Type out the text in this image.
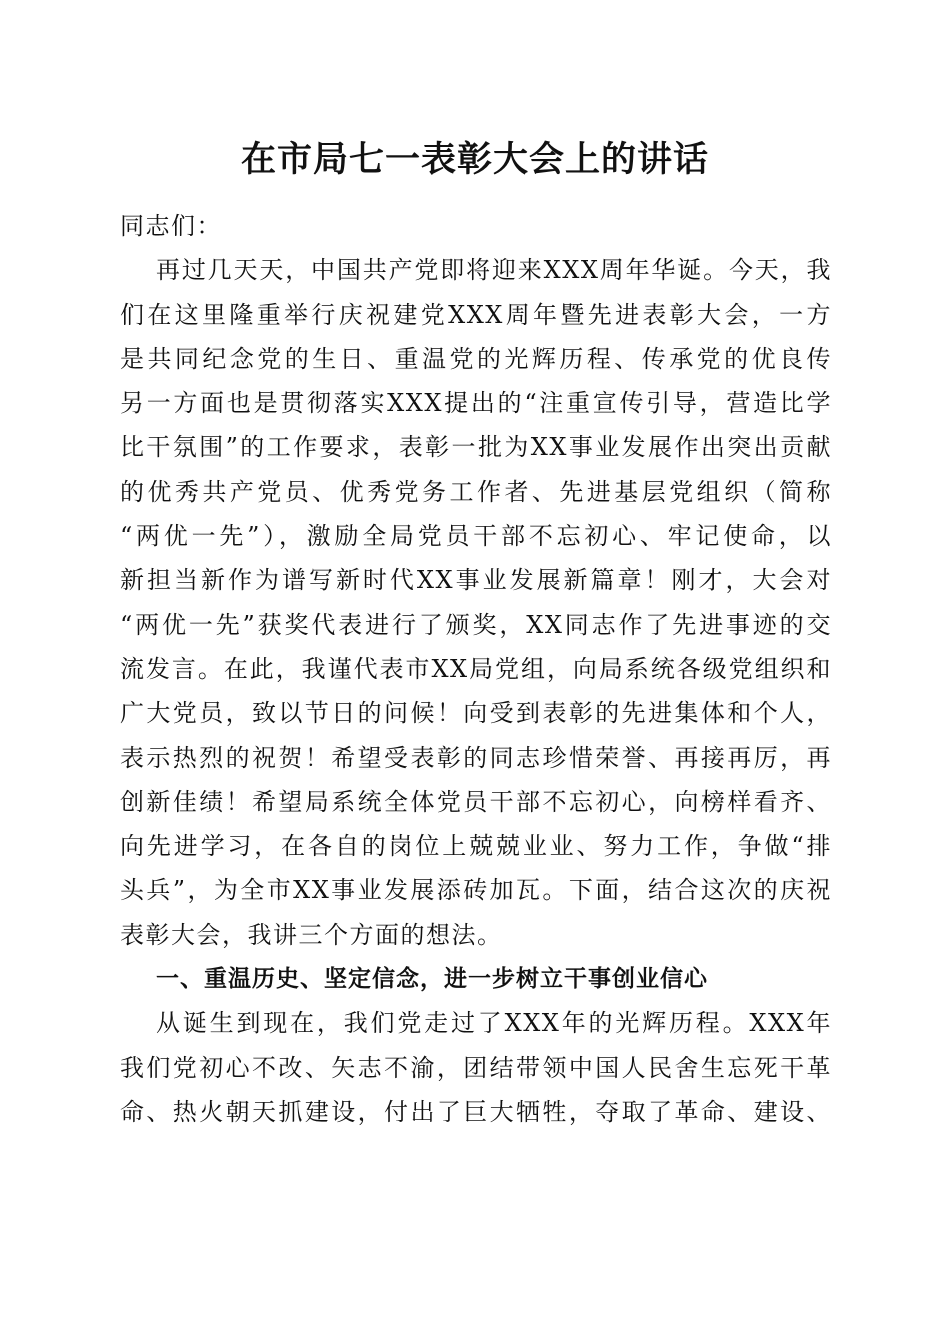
在市局七一表彰大会上的讲话
同志们：
再过几天天，中国共产党即将迎来XXX周年华诞。今天，我
们在这里隆重举行庆祝建党XXX周年暨先进表彰大会，一方
是共同纪念党的生日、重温党的光辉历程、传承党的优良传
另一方面也是贯彻落实XXX提出的“注重宣传引导，营造比学
比干氛围”的工作要求，表彰一批为XX事业发展作出突出贡献
的优秀共产党员、优秀党务工作者、先进基层党组织（简称
“两优一先”），激励全局党员干部不忘初心、牢记使命，以
新担当新作为谱写新时代XX事业发展新篇章！刚才，大会对
“两优一先”获奖代表进行了颁奖，XX同志作了先进事迹的交
流发言。在此，我谨代表市XX局党组，向局系统各级党组织和
广大党员，致以节日的问候！向受到表彰的先进集体和个人，
表示热烈的祝贺！希望受表彰的同志珍惜荣誉、再接再厉，再
创新佳绩！希望局系统全体党员干部不忘初心，向榜样看齐、
向先进学习，在各自的岗位上兢兢业业、努力工作，争做“排
头兵”，为全市XX事业发展添砖加瓦。下面，结合这次的庆祝
表彰大会，我讲三个方面的想法。
一、重温历史、坚定信念，进一步树立干事创业信心
从诞生到现在，我们党走过了XXX年的光辉历程。XXX年
我们党初心不改、矢志不渝，团结带领中国人民舍生忘死干革
命、热火朝天抓建设，付出了巨大牺牲，夺取了革命、建设、
